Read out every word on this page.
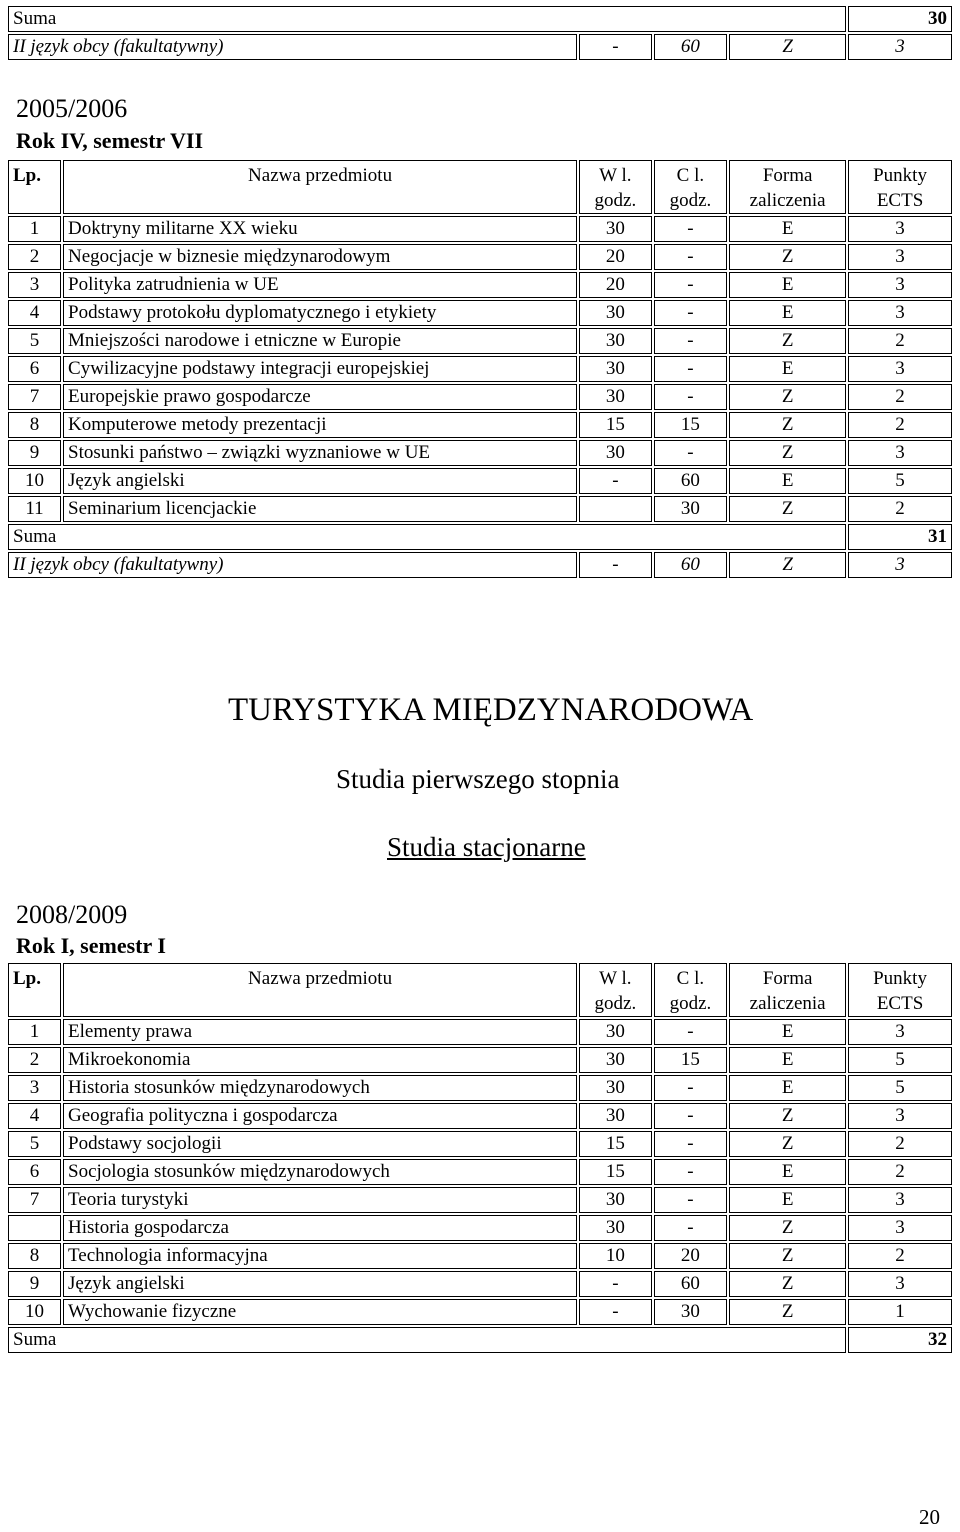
Suma				30
II język obcy (fakultatywny)	-	60	Z	3
2005/2006
Rok IV, semestr VII
Lp.	Nazwa przedmiotu	W l. godz.	C l. godz.	Forma zaliczenia	Punkty ECTS
1	Doktryny militarne XX wieku	30	-	E	3
2	Negocjacje w biznesie międzynarodowym	20	-	Z	3
3	Polityka zatrudnienia w UE	20	-	E	3
4	Podstawy protokołu dyplomatycznego i etykiety	30	-	E	3
5	Mniejszości narodowe i etniczne w Europie	30	-	Z	2
6	Cywilizacyjne podstawy integracji europejskiej	30	-	E	3
7	Europejskie prawo gospodarcze	30	-	Z	2
8	Komputerowe metody prezentacji	15	15	Z	2
9	Stosunki państwo – związki wyznaniowe w UE	30	-	Z	3
10	Język angielski	-	60	E	5
11	Seminarium licencjackie		30	Z	2
Suma					31
II język obcy (fakultatywny)		-	60	Z	3
TURYSTYKA MIĘDZYNARODOWA
Studia pierwszego stopnia
Studia stacjonarne
2008/2009
Rok I, semestr I
Lp.	Nazwa przedmiotu	W l. godz.	C l. godz.	Forma zaliczenia	Punkty ECTS
1	Elementy prawa	30	-	E	3
2	Mikroekonomia	30	15	E	5
3	Historia stosunków międzynarodowych	30	-	E	5
4	Geografia polityczna i gospodarcza	30	-	Z	3
5	Podstawy socjologii	15	-	Z	2
6	Socjologia stosunków międzynarodowych	15	-	E	2
7	Teoria turystyki	30	-	E	3
	Historia gospodarcza	30	-	Z	3
8	Technologia informacyjna	10	20	Z	2
9	Język angielski	-	60	Z	3
10	Wychowanie fizyczne	-	30	Z	1
Suma					32
20
